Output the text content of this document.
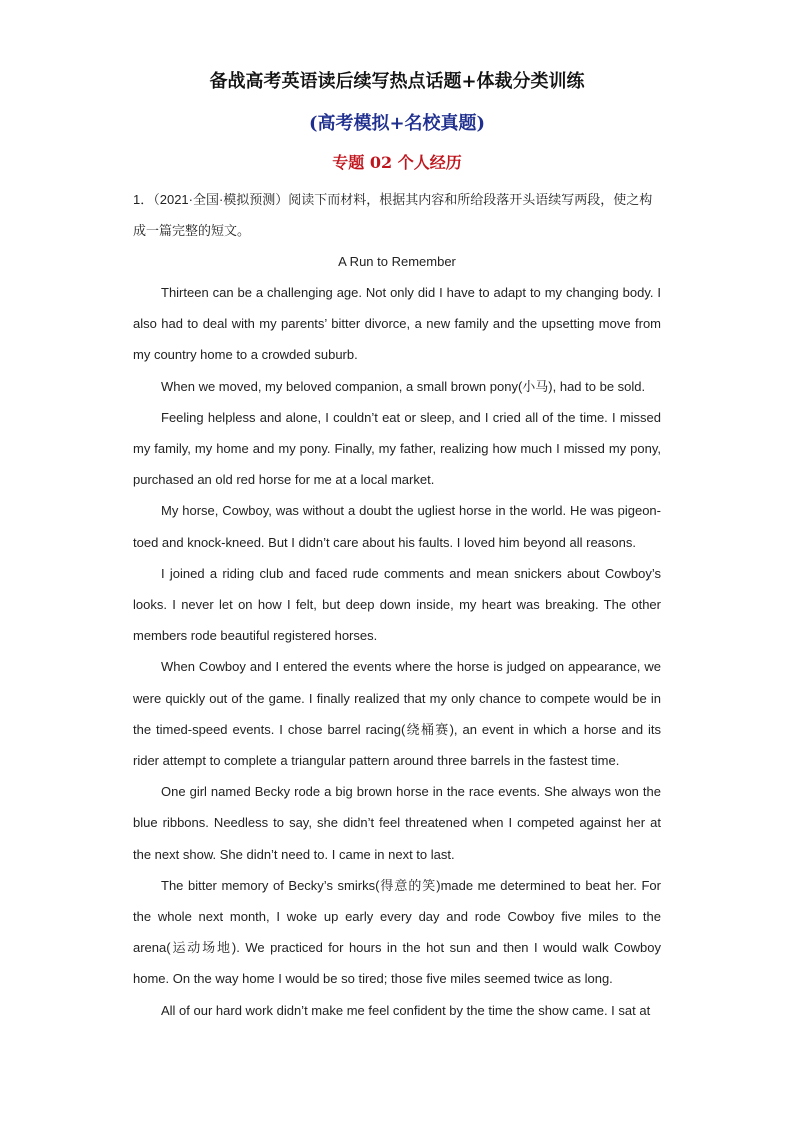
备战高考英语读后续写热点话题+体裁分类训练
(高考模拟+名校真题)
专题 02 个人经历

1．（2021·全国·模拟预测）阅读下而材料，根据其内容和所给段落开头语续写两段，使之构成一篇完整的短文。

A Run to Remember

Thirteen can be a challenging age. Not only did I have to adapt to my changing body. I also had to deal with my parents’ bitter divorce, a new family and the upsetting move from my country home to a crowded suburb.

When we moved, my beloved companion, a small brown pony(小马), had to be sold.

Feeling helpless and alone, I couldn’t eat or sleep, and I cried all of the time. I missed my family, my home and my pony. Finally, my father, realizing how much I missed my pony, purchased an old red horse for me at a local market.

My horse, Cowboy, was without a doubt the ugliest horse in the world. He was pigeon-toed and knock-kneed. But I didn’t care about his faults. I loved him beyond all reasons.

I joined a riding club and faced rude comments and mean snickers about Cowboy’s looks. I never let on how I felt, but deep down inside, my heart was breaking. The other members rode beautiful registered horses.

When Cowboy and I entered the events where the horse is judged on appearance, we were quickly out of the game. I finally realized that my only chance to compete would be in the timed-speed events. I chose barrel racing(绕桶赛), an event in which a horse and its rider attempt to complete a triangular pattern around three barrels in the fastest time.

One girl named Becky rode a big brown horse in the race events. She always won the blue ribbons. Needless to say, she didn’t feel threatened when I competed against her at the next show. She didn’t need to. I came in next to last.

The bitter memory of Becky’s smirks(得意的笑)made me determined to beat her. For the whole next month, I woke up early every day and rode Cowboy five miles to the arena(运动场地). We practiced for hours in the hot sun and then I would walk Cowboy home. On the way home I would be so tired; those five miles seemed twice as long.

All of our hard work didn’t make me feel confident by the time the show came. I sat at
